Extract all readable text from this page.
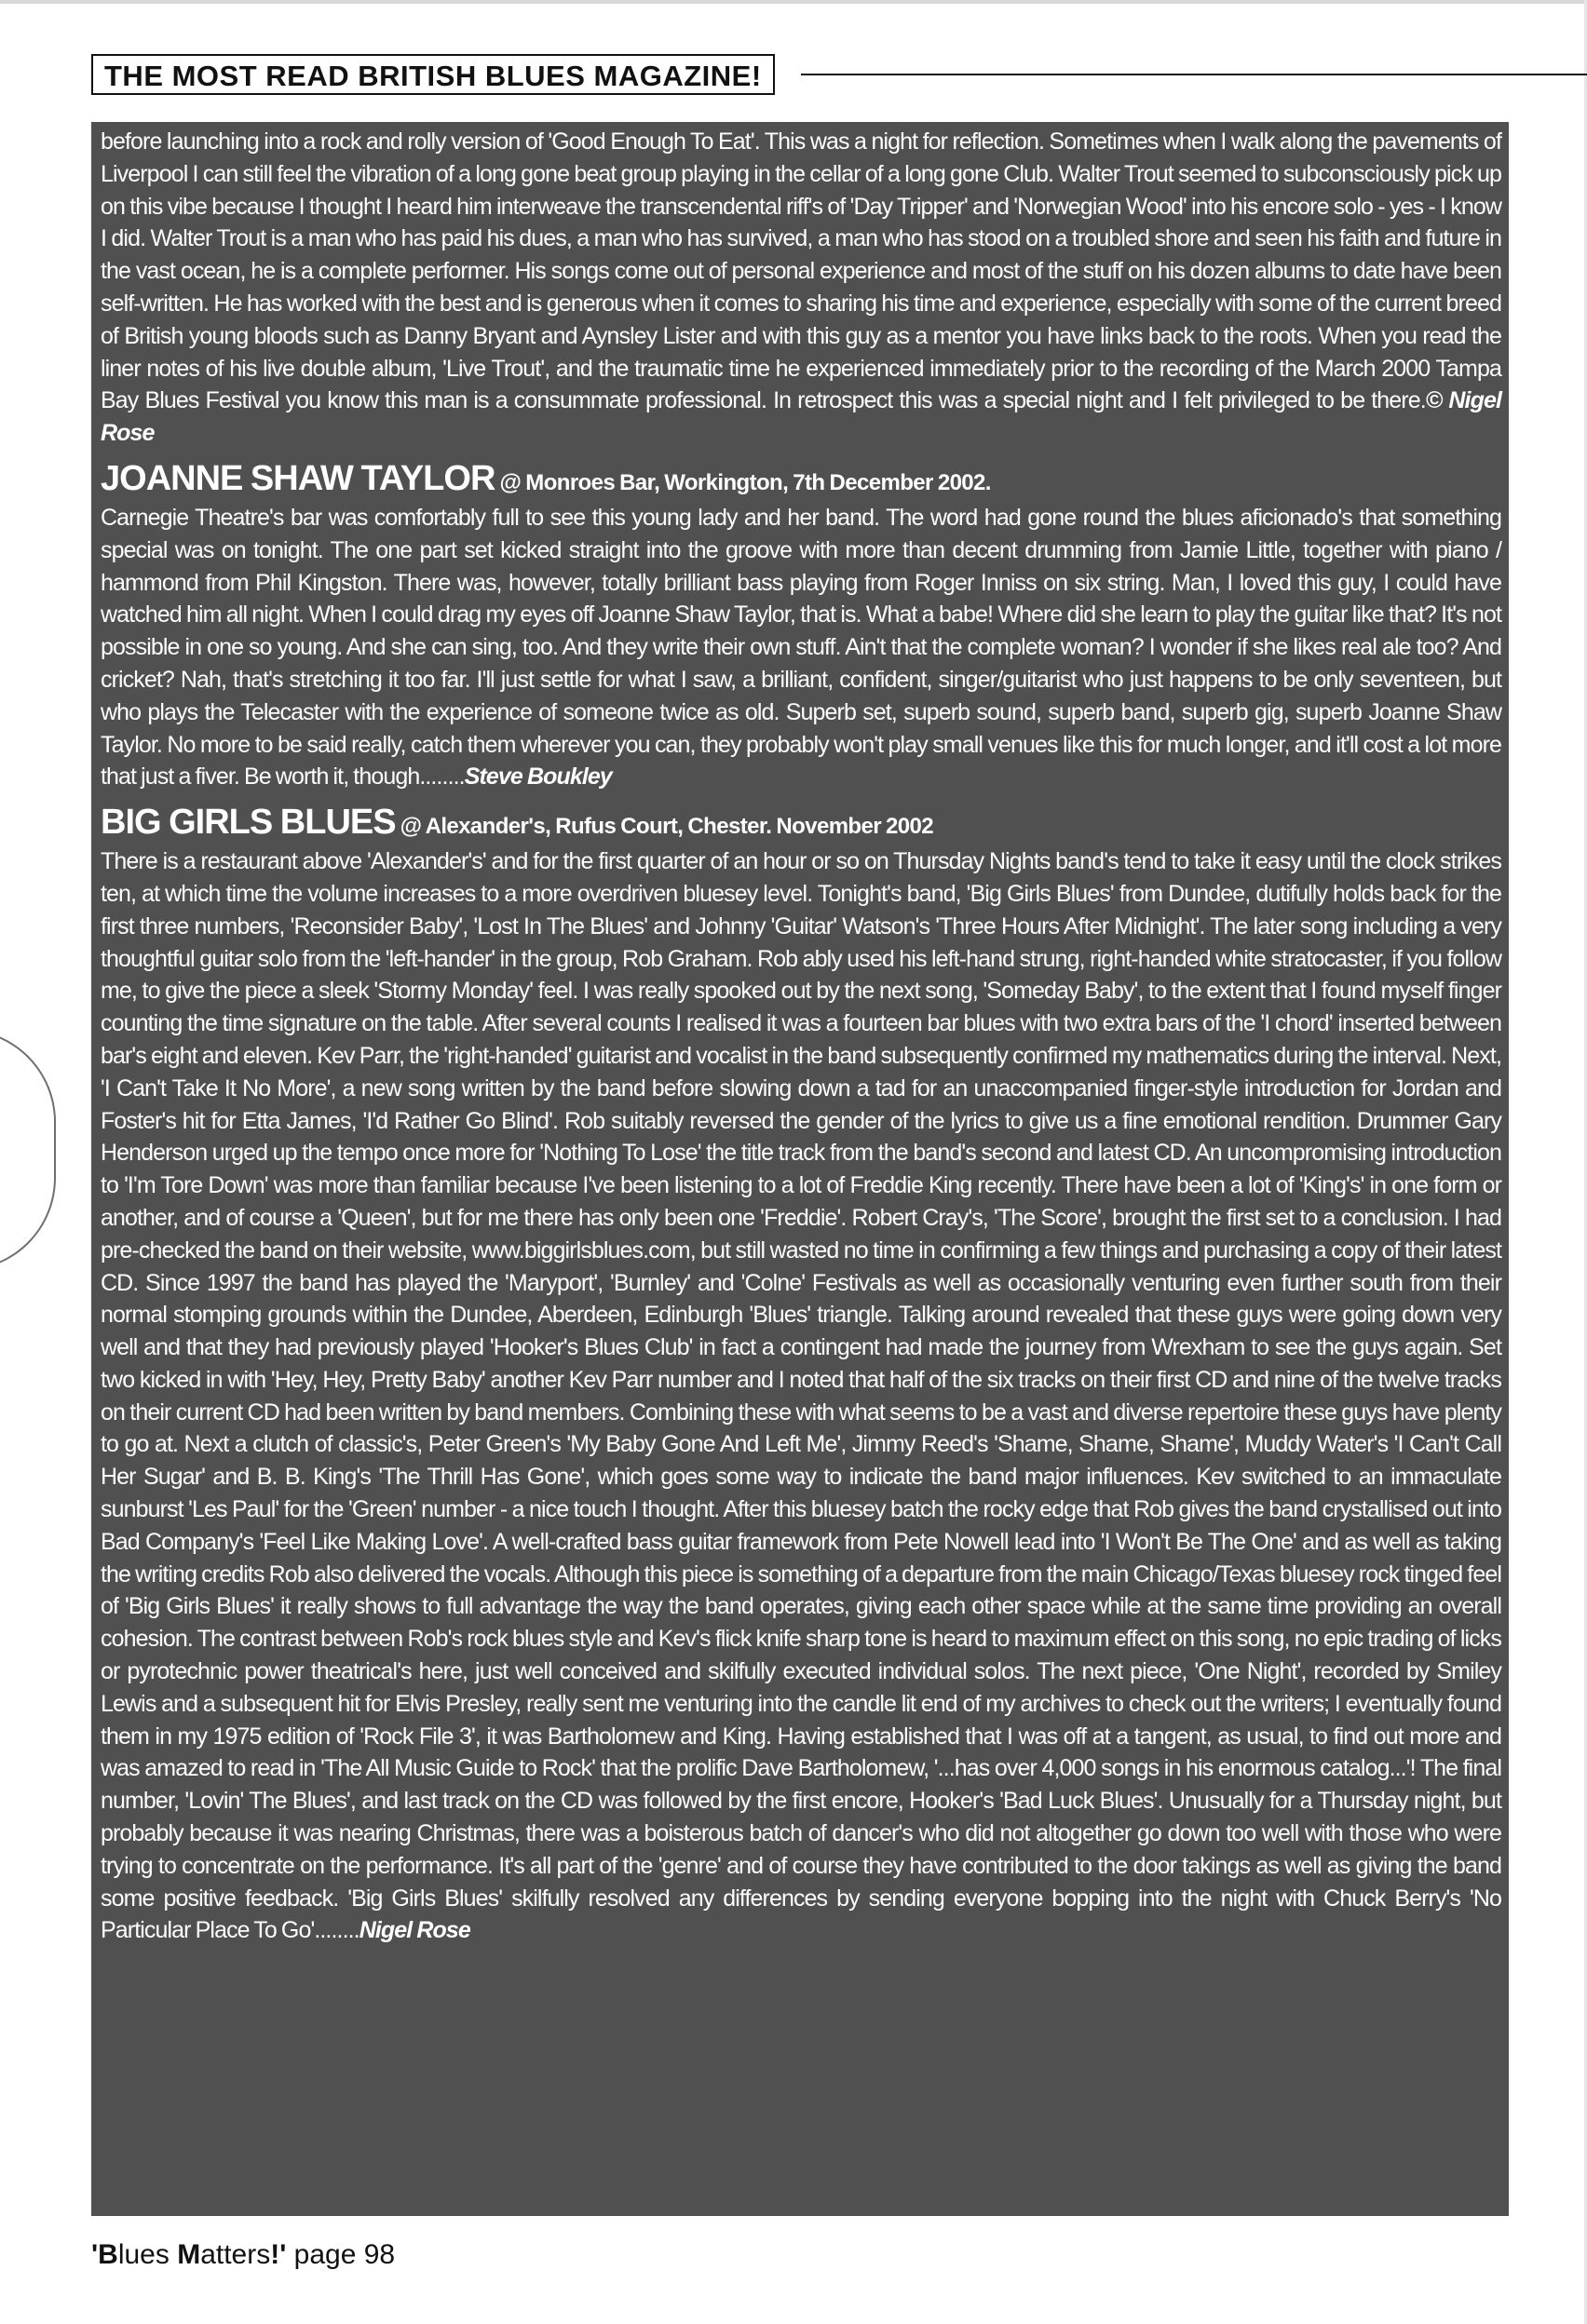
THE MOST READ BRITISH BLUES MAGAZINE!

before launching into a rock and rolly version of 'Good Enough To Eat'. This was a night for reflection. Sometimes when I walk along the pavements of Liverpool I can still feel the vibration of a long gone beat group playing in the cellar of a long gone Club. Walter Trout seemed to subconsciously pick up on this vibe because I thought I heard him interweave the transcendental riff's of 'Day Tripper' and 'Norwegian Wood' into his encore solo - yes - I know I did. Walter Trout is a man who has paid his dues, a man who has survived, a man who has stood on a troubled shore and seen his faith and future in the vast ocean, he is a complete performer. His songs come out of personal experience and most of the stuff on his dozen albums to date have been self-written. He has worked with the best and is generous when it comes to sharing his time and experience, especially with some of the current breed of British young bloods such as Danny Bryant and Aynsley Lister and with this guy as a mentor you have links back to the roots. When you read the liner notes of his live double album, 'Live Trout', and the traumatic time he experienced immediately prior to the recording of the March 2000 Tampa Bay Blues Festival you know this man is a consummate professional. In retrospect this was a special night and I felt privileged to be there.© Nigel Rose

JOANNE SHAW TAYLOR @ Monroes Bar, Workington, 7th December 2002.

Carnegie Theatre's bar was comfortably full to see this young lady and her band. The word had gone round the blues aficionado's that something special was on tonight. The one part set kicked straight into the groove with more than decent drumming from Jamie Little, together with piano / hammond from Phil Kingston. There was, however, totally brilliant bass playing from Roger Inniss on six string. Man, I loved this guy, I could have watched him all night. When I could drag my eyes off Joanne Shaw Taylor, that is. What a babe! Where did she learn to play the guitar like that? It's not possible in one so young. And she can sing, too. And they write their own stuff. Ain't that the complete woman? I wonder if she likes real ale too? And cricket? Nah, that's stretching it too far. I'll just settle for what I saw, a brilliant, confident, singer/guitarist who just happens to be only seventeen, but who plays the Telecaster with the experience of someone twice as old. Superb set, superb sound, superb band, superb gig, superb Joanne Shaw Taylor. No more to be said really, catch them wherever you can, they probably won't play small venues like this for much longer, and it'll cost a lot more that just a fiver. Be worth it, though........Steve Boukley

BIG GIRLS BLUES @ Alexander's, Rufus Court, Chester. November 2002

There is a restaurant above 'Alexander's' and for the first quarter of an hour or so on Thursday Nights band's tend to take it easy until the clock strikes ten, at which time the volume increases to a more overdriven bluesey level. Tonight's band, 'Big Girls Blues' from Dundee, dutifully holds back for the first three numbers, 'Reconsider Baby', 'Lost In The Blues' and Johnny 'Guitar' Watson's 'Three Hours After Midnight'. The later song including a very thoughtful guitar solo from the 'left-hander' in the group, Rob Graham. Rob ably used his left-hand strung, right-handed white stratocaster, if you follow me, to give the piece a sleek 'Stormy Monday' feel. I was really spooked out by the next song, 'Someday Baby', to the extent that I found myself finger counting the time signature on the table. After several counts I realised it was a fourteen bar blues with two extra bars of the 'I chord' inserted between bar's eight and eleven. Kev Parr, the 'right-handed' guitarist and vocalist in the band subsequently confirmed my mathematics during the interval. Next, 'I Can't Take It No More', a new song written by the band before slowing down a tad for an unaccompanied finger-style introduction for Jordan and Foster's hit for Etta James, 'I'd Rather Go Blind'. Rob suitably reversed the gender of the lyrics to give us a fine emotional rendition. Drummer Gary Henderson urged up the tempo once more for 'Nothing To Lose' the title track from the band's second and latest CD. An uncompromising introduction to 'I'm Tore Down' was more than familiar because I've been listening to a lot of Freddie King recently. There have been a lot of 'King's' in one form or another, and of course a 'Queen', but for me there has only been one 'Freddie'. Robert Cray's, 'The Score', brought the first set to a conclusion. I had pre-checked the band on their website, www.biggirlsblues.com, but still wasted no time in confirming a few things and purchasing a copy of their latest CD. Since 1997 the band has played the 'Maryport', 'Burnley' and 'Colne' Festivals as well as occasionally venturing even further south from their normal stomping grounds within the Dundee, Aberdeen, Edinburgh 'Blues' triangle. Talking around revealed that these guys were going down very well and that they had previously played 'Hooker's Blues Club' in fact a contingent had made the journey from Wrexham to see the guys again. Set two kicked in with 'Hey, Hey, Pretty Baby' another Kev Parr number and I noted that half of the six tracks on their first CD and nine of the twelve tracks on their current CD had been written by band members. Combining these with what seems to be a vast and diverse repertoire these guys have plenty to go at. Next a clutch of classic's, Peter Green's 'My Baby Gone And Left Me', Jimmy Reed's 'Shame, Shame, Shame', Muddy Water's 'I Can't Call Her Sugar' and B. B. King's 'The Thrill Has Gone', which goes some way to indicate the band major influences. Kev switched to an immaculate sunburst 'Les Paul' for the 'Green' number - a nice touch I thought. After this bluesey batch the rocky edge that Rob gives the band crystallised out into Bad Company's 'Feel Like Making Love'. A well-crafted bass guitar framework from Pete Nowell lead into 'I Won't Be The One' and as well as taking the writing credits Rob also delivered the vocals. Although this piece is something of a departure from the main Chicago/Texas bluesey rock tinged feel of 'Big Girls Blues' it really shows to full advantage the way the band operates, giving each other space while at the same time providing an overall cohesion. The contrast between Rob's rock blues style and Kev's flick knife sharp tone is heard to maximum effect on this song, no epic trading of licks or pyrotechnic power theatrical's here, just well conceived and skilfully executed individual solos. The next piece, 'One Night', recorded by Smiley Lewis and a subsequent hit for Elvis Presley, really sent me venturing into the candle lit end of my archives to check out the writers; I eventually found them in my 1975 edition of 'Rock File 3', it was Bartholomew and King. Having established that I was off at a tangent, as usual, to find out more and was amazed to read in 'The All Music Guide to Rock' that the prolific Dave Bartholomew, '...has over 4,000 songs in his enormous catalog...'! The final number, 'Lovin' The Blues', and last track on the CD was followed by the first encore, Hooker's 'Bad Luck Blues'. Unusually for a Thursday night, but probably because it was nearing Christmas, there was a boisterous batch of dancer's who did not altogether go down too well with those who were trying to concentrate on the performance. It's all part of the 'genre' and of course they have contributed to the door takings as well as giving the band some positive feedback. 'Big Girls Blues' skilfully resolved any differences by sending everyone bopping into the night with Chuck Berry's 'No Particular Place To Go'........Nigel Rose

'Blues Matters!' page 98
